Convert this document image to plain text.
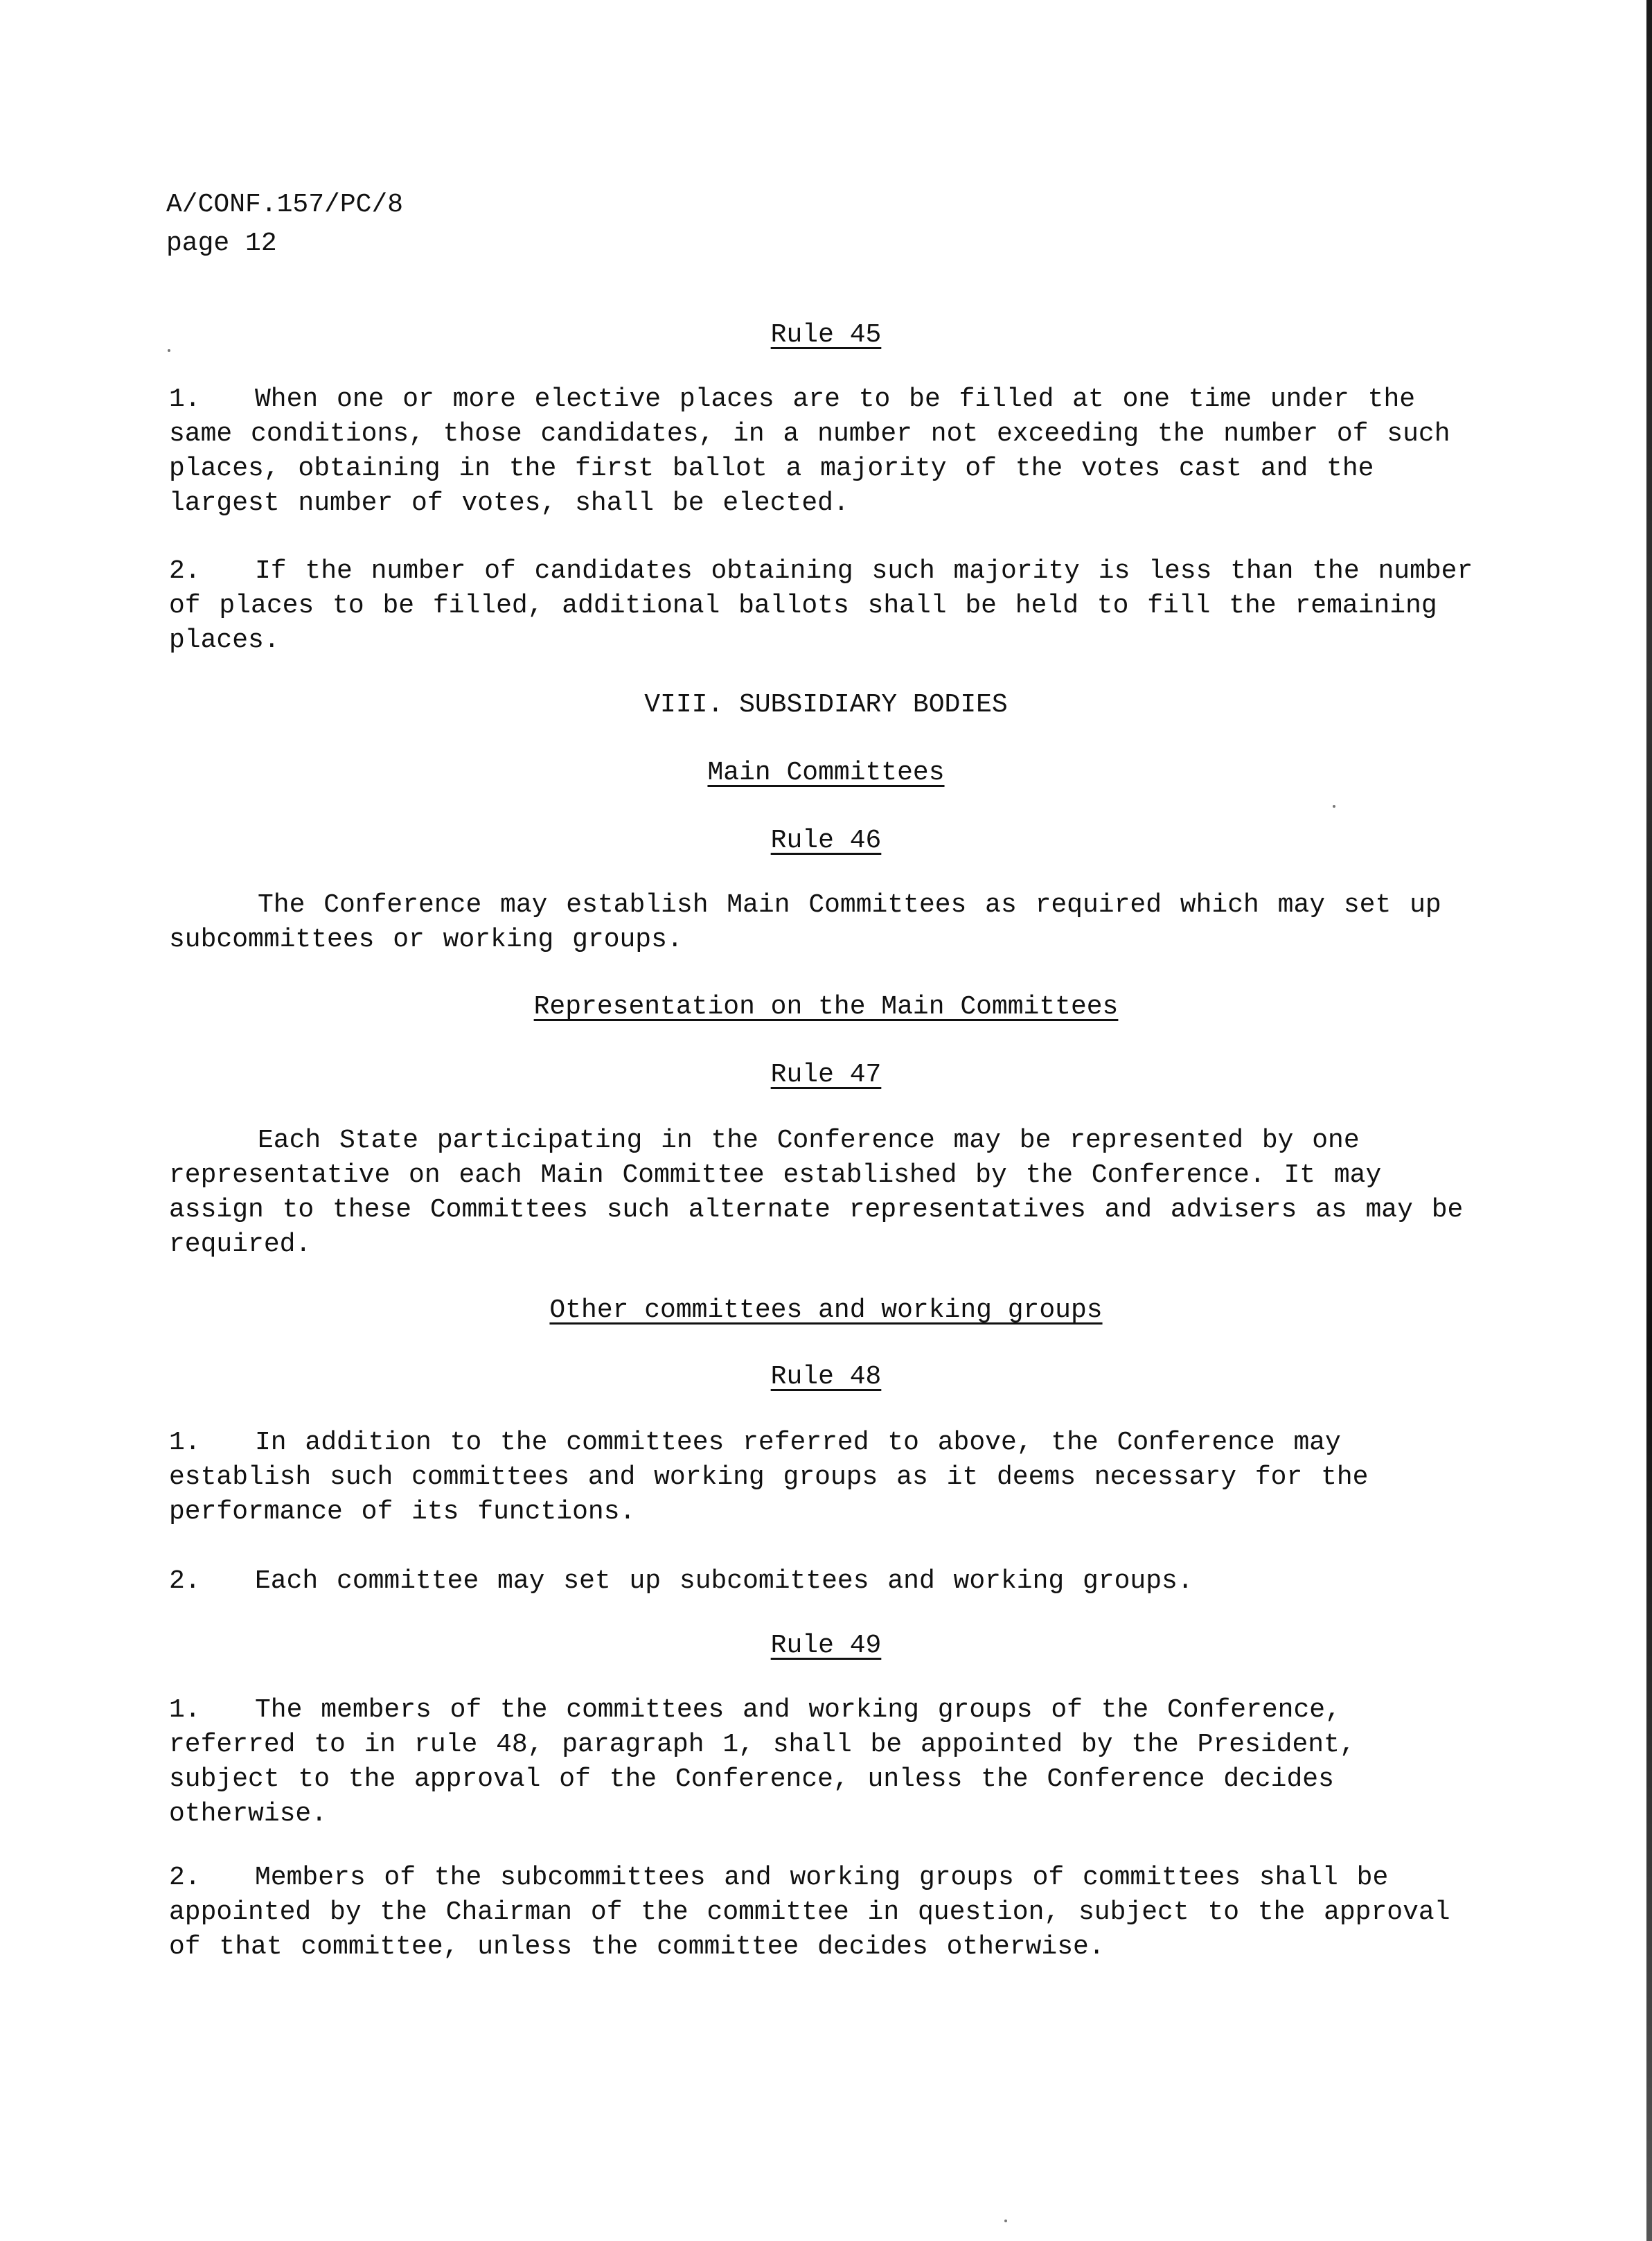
A/CONF.157/PC/8
page 12
Rule 45
1. When one or more elective places are to be filled at one time under the same conditions, those candidates, in a number not exceeding the number of such places, obtaining in the first ballot a majority of the votes cast and the largest number of votes, shall be elected.
2. If the number of candidates obtaining such majority is less than the number of places to be filled, additional ballots shall be held to fill the remaining places.
VIII. SUBSIDIARY BODIES
Main Committees
Rule 46
The Conference may establish Main Committees as required which may set up subcommittees or working groups.
Representation on the Main Committees
Rule 47
Each State participating in the Conference may be represented by one representative on each Main Committee established by the Conference. It may assign to these Committees such alternate representatives and advisers as may be required.
Other committees and working groups
Rule 48
1. In addition to the committees referred to above, the Conference may establish such committees and working groups as it deems necessary for the performance of its functions.
2. Each committee may set up subcomittees and working groups.
Rule 49
1. The members of the committees and working groups of the Conference, referred to in rule 48, paragraph 1, shall be appointed by the President, subject to the approval of the Conference, unless the Conference decides otherwise.
2. Members of the subcommittees and working groups of committees shall be appointed by the Chairman of the committee in question, subject to the approval of that committee, unless the committee decides otherwise.
